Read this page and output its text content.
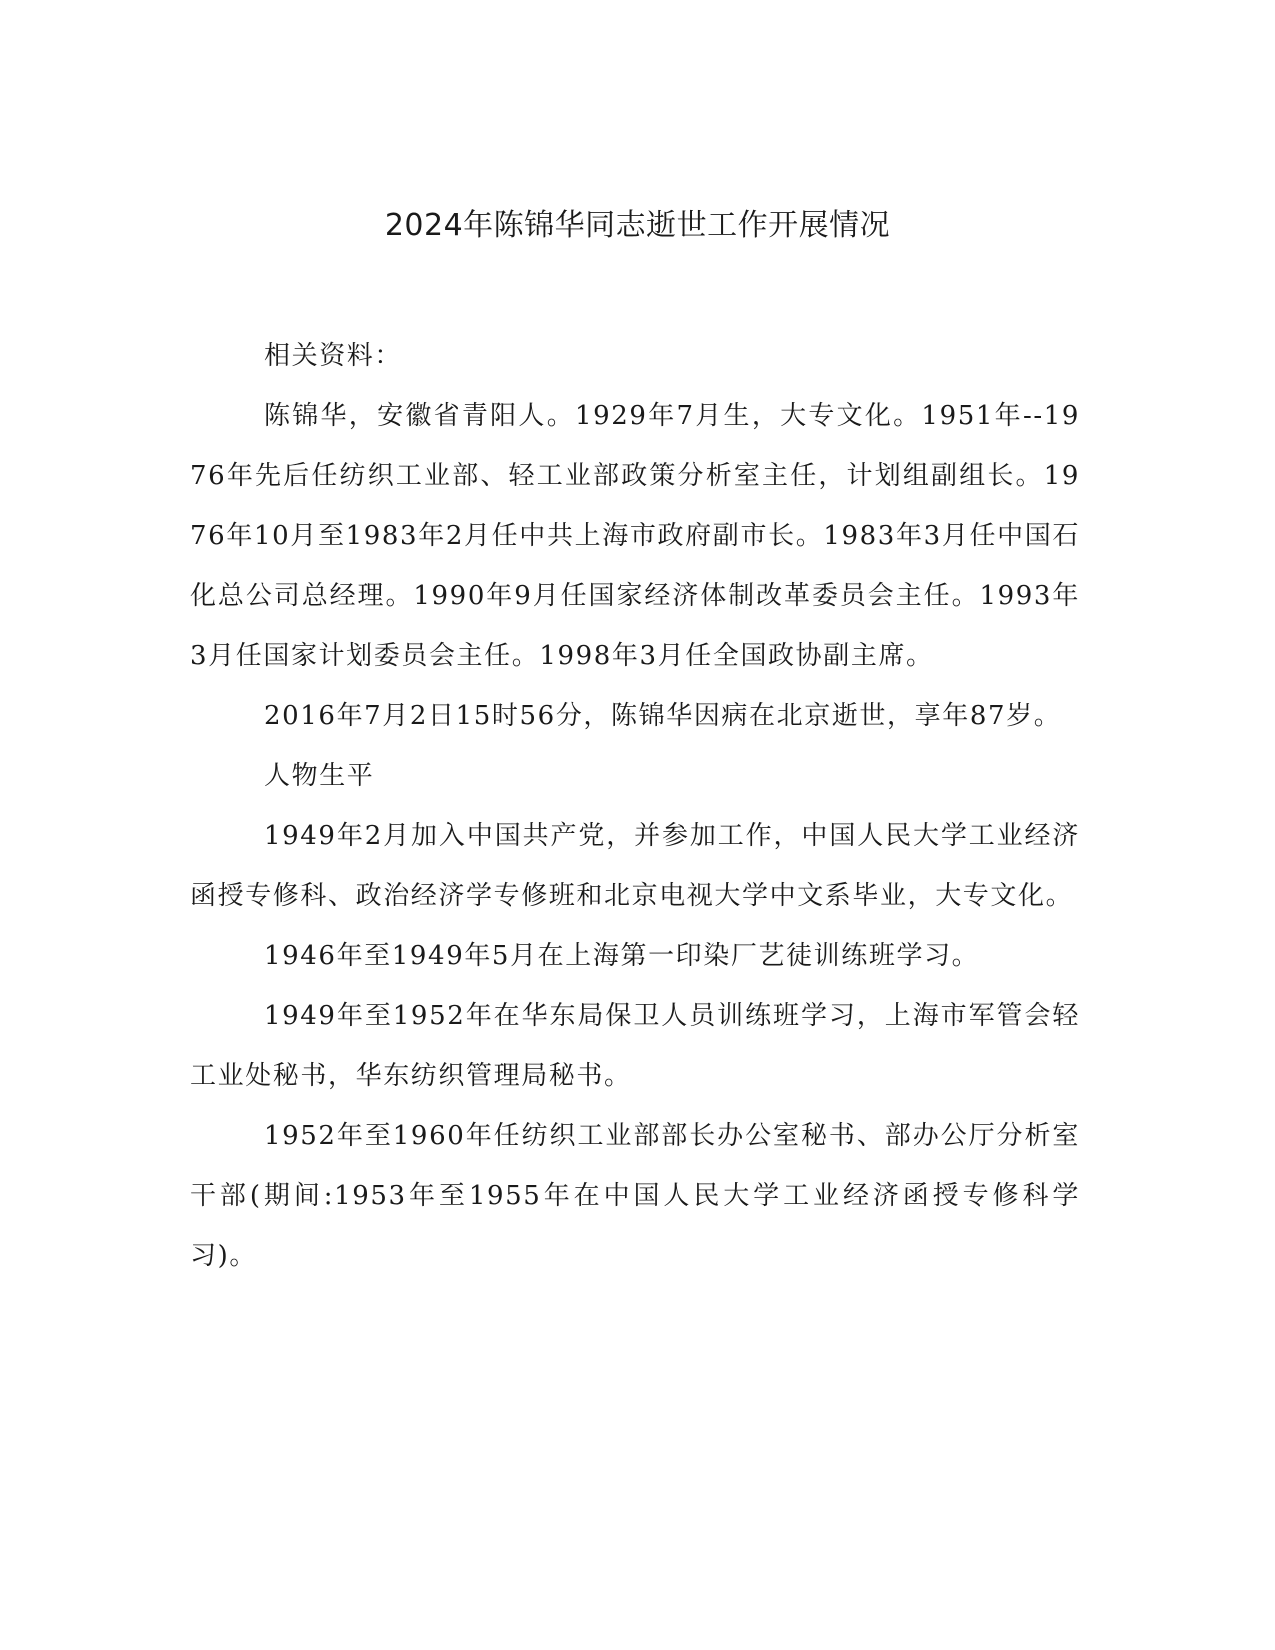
2024年陈锦华同志逝世工作开展情况

相关资料：

陈锦华，安徽省青阳人。1929年7月生，大专文化。1951年--1976年先后任纺织工业部、轻工业部政策分析室主任，计划组副组长。1976年10月至1983年2月任中共上海市政府副市长。1983年3月任中国石化总公司总经理。1990年9月任国家经济体制改革委员会主任。1993年3月任国家计划委员会主任。1998年3月任全国政协副主席。

2016年7月2日15时56分，陈锦华因病在北京逝世，享年87岁。

人物生平

1949年2月加入中国共产党，并参加工作，中国人民大学工业经济函授专修科、政治经济学专修班和北京电视大学中文系毕业，大专文化。

1946年至1949年5月在上海第一印染厂艺徒训练班学习。

1949年至1952年在华东局保卫人员训练班学习，上海市军管会轻工业处秘书，华东纺织管理局秘书。

1952年至1960年任纺织工业部部长办公室秘书、部办公厅分析室干部(期间:1953年至1955年在中国人民大学工业经济函授专修科学习)。
